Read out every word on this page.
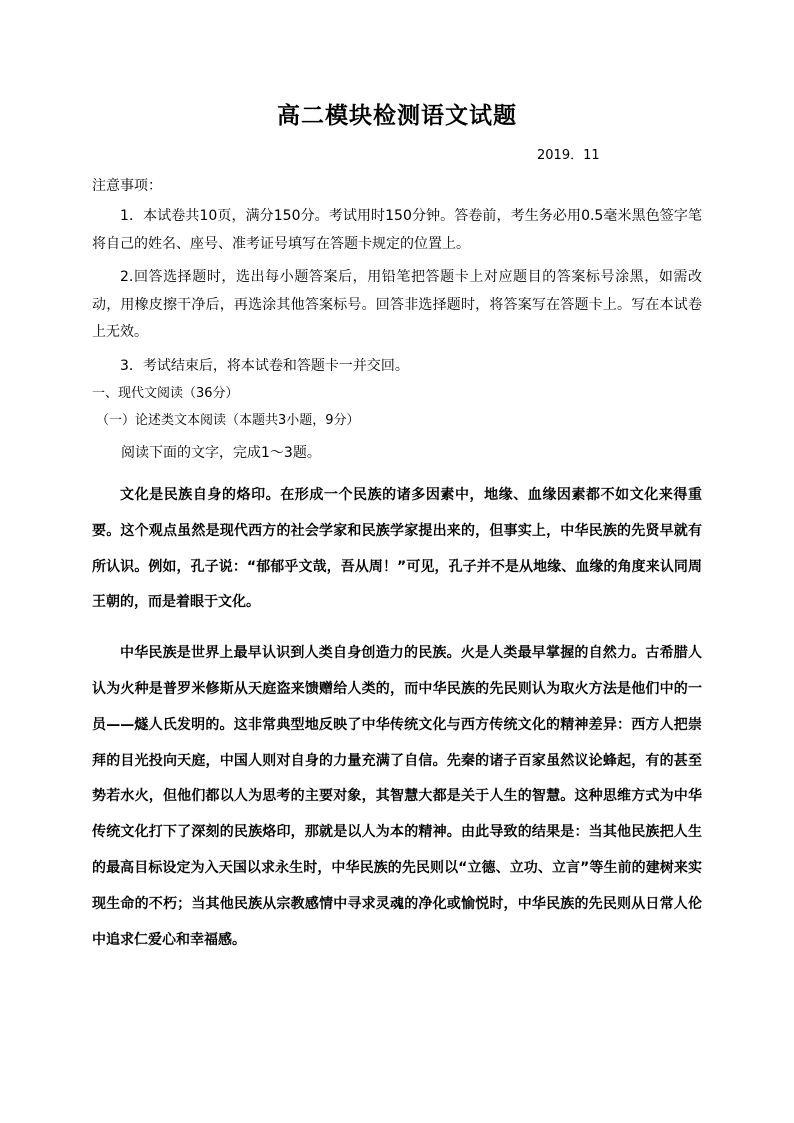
高二模块检测语文试题
2019．11
注意事项：

1．本试卷共10页，满分150分。考试用时150分钟。答卷前，考生务必用0.5毫米黑色签字笔将自己的姓名、座号、准考证号填写在答题卡规定的位置上。

2.回答选择题时，选出每小题答案后，用铅笔把答题卡上对应题目的答案标号涂黑，如需改动，用橡皮擦干净后，再选涂其他答案标号。回答非选择题时，将答案写在答题卡上。写在本试卷上无效。

3．考试结束后，将本试卷和答题卡一并交回。

一、现代文阅读（36分）
（一）论述类文本阅读（本题共3小题，9分）
阅读下面的文字，完成1～3题。

文化是民族自身的烙印。在形成一个民族的诸多因素中，地缘、血缘因素都不如文化来得重要。这个观点虽然是现代西方的社会学家和民族学家提出来的，但事实上，中华民族的先贤早就有所认识。例如，孔子说：“郁郁乎文哉，吾从周！”可见，孔子并不是从地缘、血缘的角度来认同周王朝的，而是着眼于文化。

中华民族是世界上最早认识到人类自身创造力的民族。火是人类最早掌握的自然力。古希腊人认为火种是普罗米修斯从天庭盗来馈赠给人类的，而中华民族的先民则认为取火方法是他们中的一员——燧人氏发明的。这非常典型地反映了中华传统文化与西方传统文化的精神差异：西方人把崇拜的目光投向天庭，中国人则对自身的力量充满了自信。先秦的诸子百家虽然议论蜂起，有的甚至势若水火，但他们都以人为思考的主要对象，其智慧大都是关于人生的智慧。这种思维方式为中华传统文化打下了深刻的民族烙印，那就是以人为本的精神。由此导致的结果是：当其他民族把人生的最高目标设定为入天国以求永生时，中华民族的先民则以“立德、立功、立言”等生前的建树来实现生命的不朽；当其他民族从宗教感情中寻求灵魂的净化或愉悦时，中华民族的先民则从日常人伦中追求仁爱心和幸福感。
